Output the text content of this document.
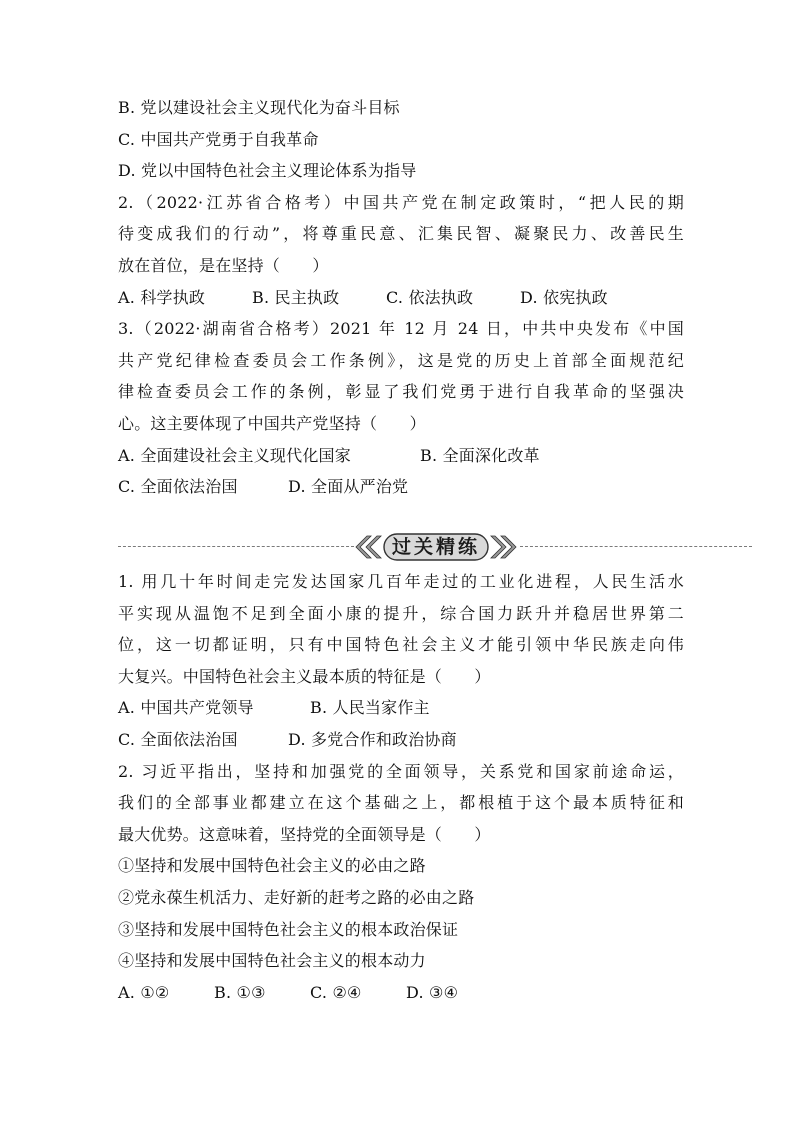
B. 党以建设社会主义现代化为奋斗目标
C. 中国共产党勇于自我革命
D. 党以中国特色社会主义理论体系为指导
2.（2022·江苏省合格考）中国共产党在制定政策时，“把人民的期
待变成我们的行动”，将尊重民意、汇集民智、凝聚民力、改善民生
放在首位，是在坚持（　　）
A. 科学执政	B. 民主执政	C. 依法执政	D. 依宪执政
3.（2022·湖南省合格考）2021 年 12 月 24 日，中共中央发布《中国
共产党纪律检查委员会工作条例》，这是党的历史上首部全面规范纪
律检查委员会工作的条例，彰显了我们党勇于进行自我革命的坚强决
心。这主要体现了中国共产党坚持（　　）
A. 全面建设社会主义现代化国家	B. 全面深化改革
C. 全面依法治国	D. 全面从严治党
过关精练
1. 用几十年时间走完发达国家几百年走过的工业化进程，人民生活水
平实现从温饱不足到全面小康的提升，综合国力跃升并稳居世界第二
位，这一切都证明，只有中国特色社会主义才能引领中华民族走向伟
大复兴。中国特色社会主义最本质的特征是（　　）
A. 中国共产党领导	B. 人民当家作主
C. 全面依法治国	D. 多党合作和政治协商
2. 习近平指出，坚持和加强党的全面领导，关系党和国家前途命运，
我们的全部事业都建立在这个基础之上，都根植于这个最本质特征和
最大优势。这意味着，坚持党的全面领导是（　　）
①坚持和发展中国特色社会主义的必由之路
②党永葆生机活力、走好新的赶考之路的必由之路
③坚持和发展中国特色社会主义的根本政治保证
④坚持和发展中国特色社会主义的根本动力
A. ①②	B. ①③	C. ②④	D. ③④
